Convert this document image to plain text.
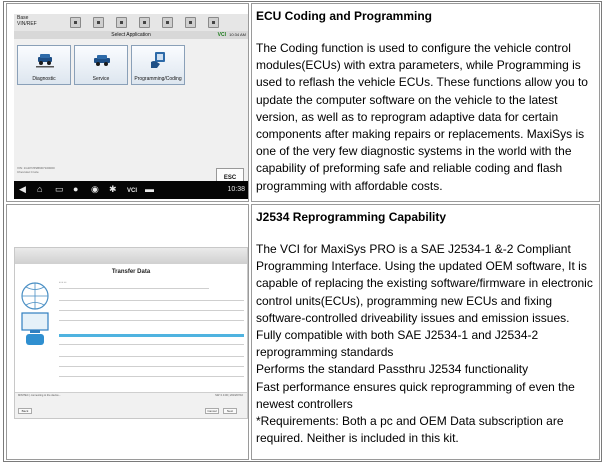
Base
VIN/REF
Select Application	VCI 10:34 AM
Diagnostic	Service	Programming/Coding
VIN: 1G1PC5SB9D7100000
Chevrolet Cruze
ESC
◀ ⌂ ▭ ● ◉ ✱ VCI ▬	10:38
ECU Coding and Programming

The Coding function is used to configure the vehicle control modules(ECUs) with extra parameters, while Programming is used to reflash the vehicle ECUs. These functions allow you to update the computer software on the vehicle to the latest version, as well as to reprogram adaptive data for certain components after making repairs or replacements. MaxiSys is one of the very few diagnostic systems in the world with the capability of preforming safe and reliable coding and flash programming with affordable costs.

Transfer Data
▪ ▪ ▪ ▪ ▪
MINITEC | connecting to the device...	SW: 0.0.00 | 2019/07/10
Back	Cancel	Next
J2534 Reprogramming Capability

The VCI for MaxiSys PRO is a SAE J2534-1 &-2 Compliant Programming Interface. Using the updated OEM software, It is capable of replacing the existing software/firmware in electronic control units(ECUs), programming new ECUs and fixing software-controlled driveability issues and emission issues.

Fully compatible with both SAE J2534-1 and J2534-2 reprogramming standards

Performs the standard Passthru J2534 functionality

Fast performance ensures quick reprogramming of even the newest controllers

*Requirements: Both a pc and OEM Data subscription are required. Neither is included in this kit.
